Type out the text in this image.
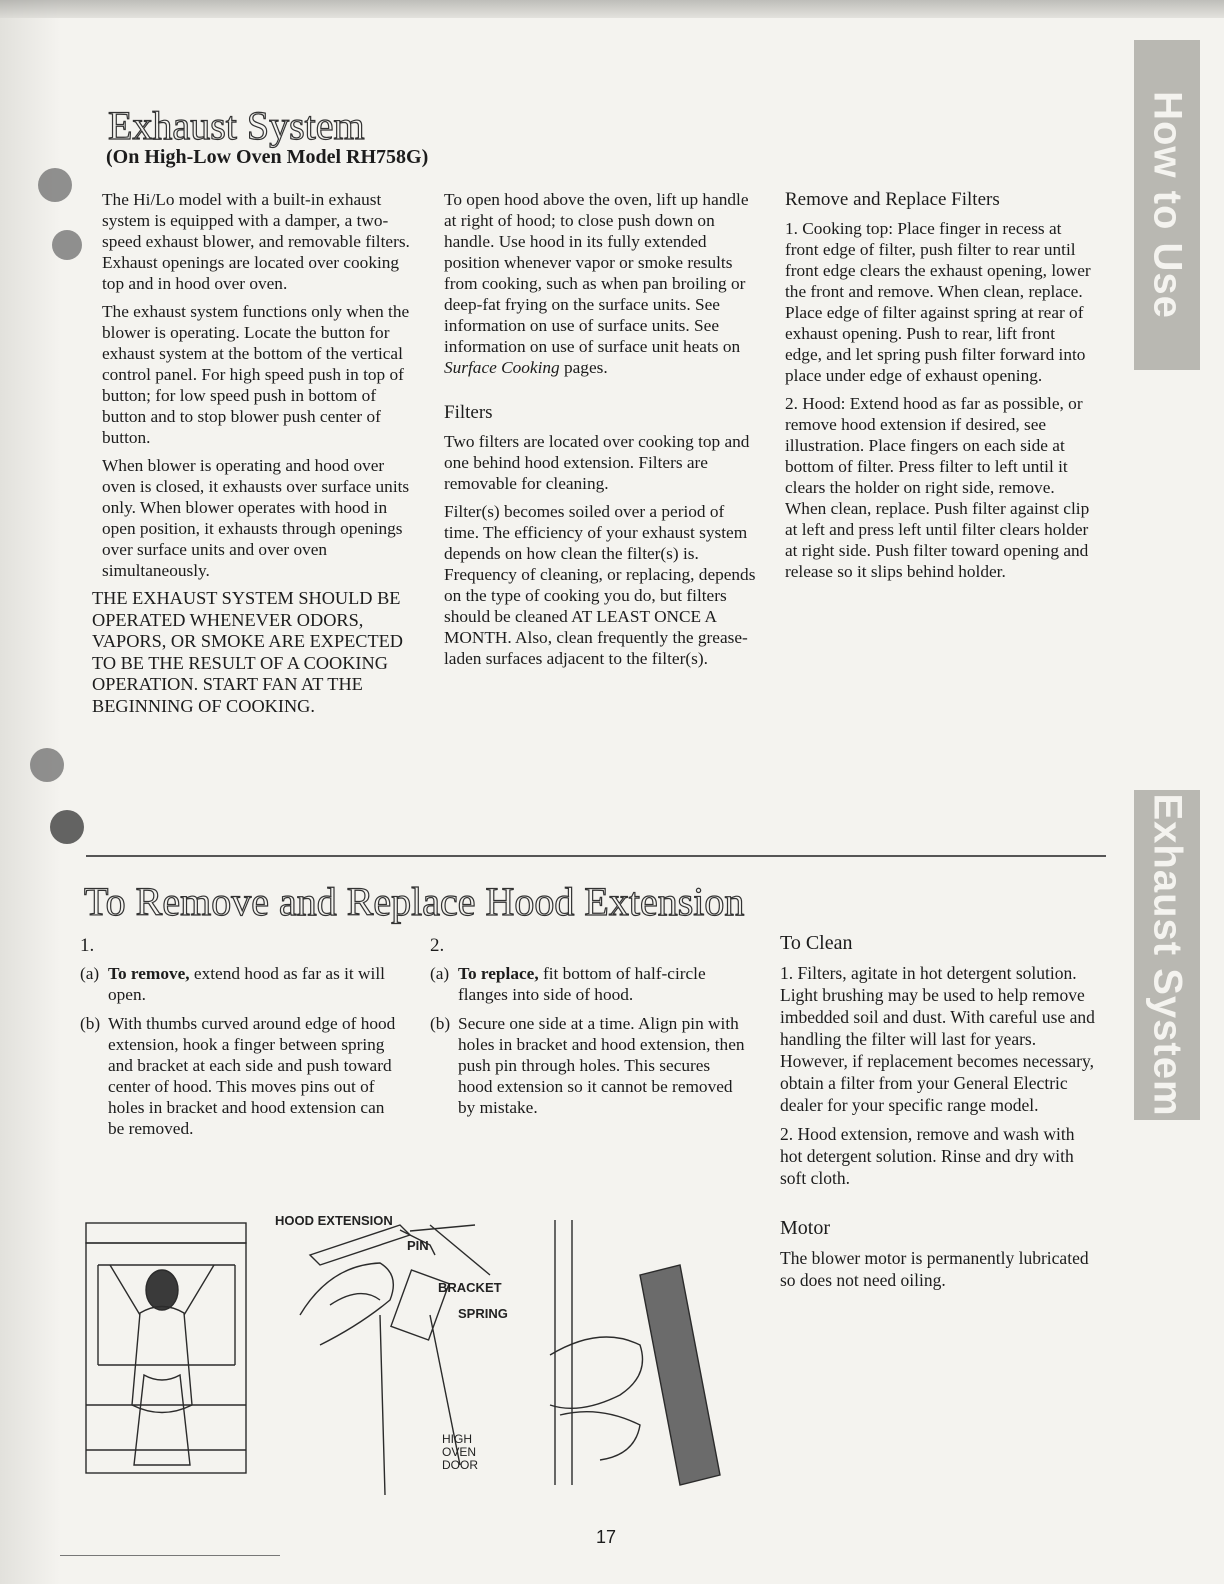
How to Use
Exhaust System
Exhaust System
(On High-Low Oven Model RH758G)

The Hi/Lo model with a built-in exhaust system is equipped with a damper, a two-speed exhaust blower, and removable filters. Exhaust openings are located over cooking top and in hood over oven.

The exhaust system functions only when the blower is operating. Locate the button for exhaust system at the bottom of the vertical control panel. For high speed push in top of button; for low speed push in bottom of button and to stop blower push center of button.

When blower is operating and hood over oven is closed, it exhausts over surface units only. When blower operates with hood in open position, it exhausts through openings over surface units and over oven simultaneously.

THE EXHAUST SYSTEM SHOULD BE OPERATED WHENEVER ODORS, VAPORS, OR SMOKE ARE EXPECTED TO BE THE RESULT OF A COOKING OPERATION. START FAN AT THE BEGINNING OF COOKING.

To open hood above the oven, lift up handle at right of hood; to close push down on handle. Use hood in its fully extended position whenever vapor or smoke results from cooking, such as when pan broiling or deep-fat frying on the surface units. See information on use of surface units. See information on use of surface unit heats on Surface Cooking pages.

Filters

Two filters are located over cooking top and one behind hood extension. Filters are removable for cleaning.

Filter(s) becomes soiled over a period of time. The efficiency of your exhaust system depends on how clean the filter(s) is. Frequency of cleaning, or replacing, depends on the type of cooking you do, but filters should be cleaned AT LEAST ONCE A MONTH. Also, clean frequently the grease-laden surfaces adjacent to the filter(s).

Remove and Replace Filters

1. Cooking top: Place finger in recess at front edge of filter, push filter to rear until front edge clears the exhaust opening, lower the front and remove. When clean, replace. Place edge of filter against spring at rear of exhaust opening. Push to rear, lift front edge, and let spring push filter forward into place under edge of exhaust opening.

2. Hood: Extend hood as far as possible, or remove hood extension if desired, see illustration. Place fingers on each side at bottom of filter. Press filter to left until it clears the holder on right side, remove. When clean, replace. Push filter against clip at left and press left until filter clears holder at right side. Push filter toward opening and release so it slips behind holder.

To Remove and Replace Hood Extension

1.

(a) To remove, extend hood as far as it will open.
(b) With thumbs curved around edge of hood extension, hook a finger between spring and bracket at each side and push toward center of hood. This moves pins out of holes in bracket and hood extension can be removed.

2.

(a) To replace, fit bottom of half-circle flanges into side of hood.
(b) Secure one side at a time. Align pin with holes in bracket and hood extension, then push pin through holes. This secures hood extension so it cannot be removed by mistake.
To Clean

1. Filters, agitate in hot detergent solution. Light brushing may be used to help remove imbedded soil and dust. With careful use and handling the filter will last for years. However, if replacement becomes necessary, obtain a filter from your General Electric dealer for your specific range model.

2. Hood extension, remove and wash with hot detergent solution. Rinse and dry with soft cloth.

Motor

The blower motor is permanently lubricated so does not need oiling.

HOOD EXTENSION
PIN
BRACKET
SPRING
HIGH
OVEN
DOOR
17
